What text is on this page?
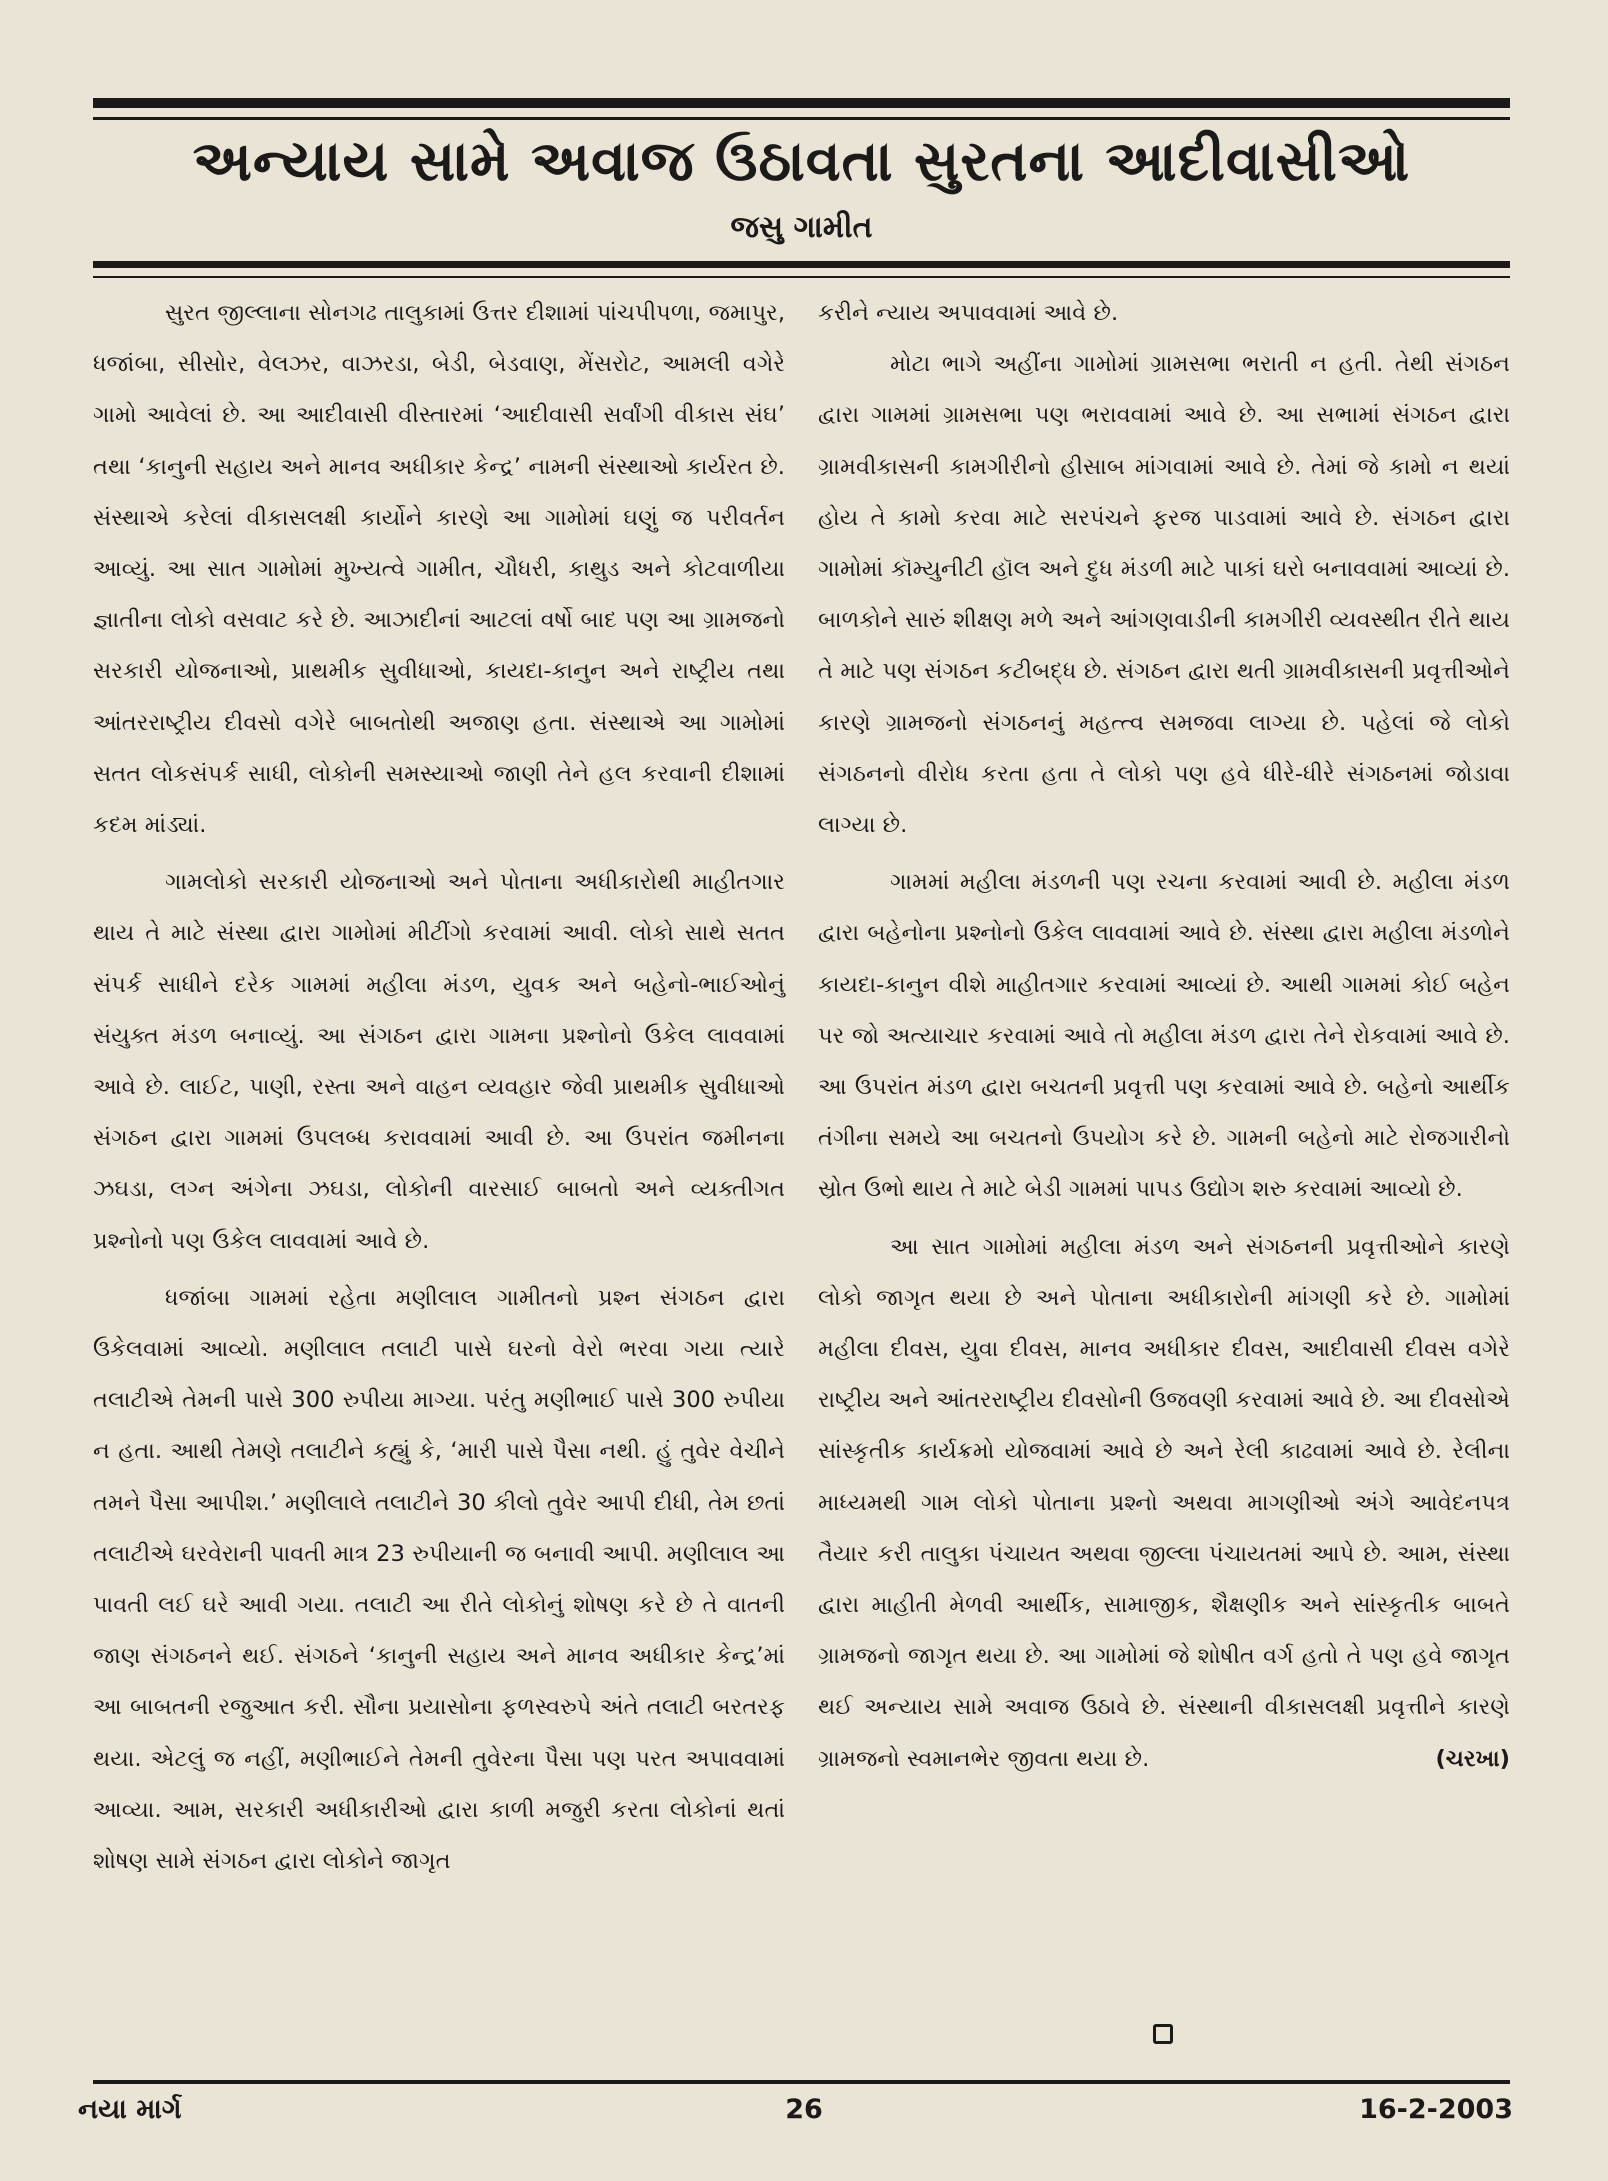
અન્યાય સામે અવાજ ઉઠાવતા સુરતના આદીવાસીઓ
જસુ ગામીત

સુરત જીલ્લાના સોનગઢ તાલુકામાં ઉત્તર દીશામાં પાંચપીપળા, જમાપુર, ધજાંબા, સીસોર, વેલઝર, વાઝરડા, બેડી, બેડવાણ, મેંસરોટ, આમલી વગેરે ગામો આવેલાં છે. આ આદીવાસી વીસ્તારમાં ‘આદીવાસી સર્વાંગી વીકાસ સંઘ’ તથા ‘કાનુની સહાય અને માનવ અધીકાર કેન્દ્ર’ નામની સંસ્થાઓ કાર્યરત છે. સંસ્થાએ કરેલાં વીકાસલક્ષી કાર્યોને કારણે આ ગામોમાં ઘણું જ પરીવર્તન આવ્યું. આ સાત ગામોમાં મુખ્યત્વે ગામીત, ચૌધરી, કાથુડ અને કોટવાળીયા જ્ઞાતીના લોકો વસવાટ કરે છે. આઝાદીનાં આટલાં વર્ષો બાદ પણ આ ગ્રામજનો સરકારી યોજનાઓ, પ્રાથમીક સુવીધાઓ, કાયદા-કાનુન અને રાષ્ટ્રીય તથા આંતરરાષ્ટ્રીય દીવસો વગેરે બાબતોથી અજાણ હતા. સંસ્થાએ આ ગામોમાં સતત લોકસંપર્ક સાધી, લોકોની સમસ્યાઓ જાણી તેને હલ કરવાની દીશામાં કદમ માંડ્યાં.

ગામલોકો સરકારી યોજનાઓ અને પોતાના અધીકારોથી માહીતગાર થાય તે માટે સંસ્થા દ્વારા ગામોમાં મીટીંગો કરવામાં આવી. લોકો સાથે સતત સંપર્ક સાધીને દરેક ગામમાં મહીલા મંડળ, યુવક અને બહેનો-ભાઈઓનું સંયુક્ત મંડળ બનાવ્યું. આ સંગઠન દ્વારા ગામના પ્રશ્નોનો ઉકેલ લાવવામાં આવે છે. લાઈટ, પાણી, રસ્તા અને વાહન વ્યવહાર જેવી પ્રાથમીક સુવીધાઓ સંગઠન દ્વારા ગામમાં ઉપલબ્ધ કરાવવામાં આવી છે. આ ઉપરાંત જમીનના ઝઘડા, લગ્ન અંગેના ઝઘડા, લોકોની વારસાઈ બાબતો અને વ્યક્તીગત પ્રશ્નોનો પણ ઉકેલ લાવવામાં આવે છે.

ધજાંબા ગામમાં રહેતા મણીલાલ ગામીતનો પ્રશ્ન સંગઠન દ્વારા ઉકેલવામાં આવ્યો. મણીલાલ તલાટી પાસે ઘરનો વેરો ભરવા ગયા ત્યારે તલાટીએ તેમની પાસે 300 રુપીયા માગ્યા. પરંતુ મણીભાઈ પાસે 300 રુપીયા ન હતા. આથી તેમણે તલાટીને કહ્યું કે, ‘મારી પાસે પૈસા નથી. હું તુવેર વેચીને તમને પૈસા આપીશ.’ મણીલાલે તલાટીને 30 કીલો તુવેર આપી દીધી, તેમ છતાં તલાટીએ ઘરવેરાની પાવતી માત્ર 23 રુપીયાની જ બનાવી આપી. મણીલાલ આ પાવતી લઈ ઘરે આવી ગયા. તલાટી આ રીતે લોકોનું શોષણ કરે છે તે વાતની જાણ સંગઠનને થઈ. સંગઠને ‘કાનુની સહાય અને માનવ અધીકાર કેન્દ્ર’માં આ બાબતની રજુઆત કરી. સૌના પ્રયાસોના ફળસ્વરુપે અંતે તલાટી બરતરફ થયા. એટલું જ નહીં, મણીભાઈને તેમની તુવેરના પૈસા પણ પરત અપાવવામાં આવ્યા. આમ, સરકારી અધીકારીઓ દ્વારા કાળી મજુરી કરતા લોકોનાં થતાં શોષણ સામે સંગઠન દ્વારા લોકોને જાગૃત

કરીને ન્યાય અપાવવામાં આવે છે.

મોટા ભાગે અહીંના ગામોમાં ગ્રામસભા ભરાતી ન હતી. તેથી સંગઠન દ્વારા ગામમાં ગ્રામસભા પણ ભરાવવામાં આવે છે. આ સભામાં સંગઠન દ્વારા ગ્રામવીકાસની કામગીરીનો હીસાબ માંગવામાં આવે છે. તેમાં જે કામો ન થયાં હોય તે કામો કરવા માટે સરપંચને ફરજ પાડવામાં આવે છે. સંગઠન દ્વારા ગામોમાં કૉમ્યુનીટી હૉલ અને દુધ મંડળી માટે પાકાં ઘરો બનાવવામાં આવ્યાં છે. બાળકોને સારું શીક્ષણ મળે અને આંગણવાડીની કામગીરી વ્યવસ્થીત રીતે થાય તે માટે પણ સંગઠન કટીબદ્ધ છે. સંગઠન દ્વારા થતી ગ્રામવીકાસની પ્રવૃત્તીઓને કારણે ગ્રામજનો સંગઠનનું મહત્ત્વ સમજવા લાગ્યા છે. પહેલાં જે લોકો સંગઠનનો વીરોધ કરતા હતા તે લોકો પણ હવે ધીરે-ધીરે સંગઠનમાં જોડાવા લાગ્યા છે.

ગામમાં મહીલા મંડળની પણ રચના કરવામાં આવી છે. મહીલા મંડળ દ્વારા બહેનોના પ્રશ્નોનો ઉકેલ લાવવામાં આવે છે. સંસ્થા દ્વારા મહીલા મંડળોને કાયદા-કાનુન વીશે માહીતગાર કરવામાં આવ્યાં છે. આથી ગામમાં કોઈ બહેન પર જો અત્યાચાર કરવામાં આવે તો મહીલા મંડળ દ્વારા તેને રોકવામાં આવે છે. આ ઉપરાંત મંડળ દ્વારા બચતની પ્રવૃત્તી પણ કરવામાં આવે છે. બહેનો આર્થીક તંગીના સમયે આ બચતનો ઉપયોગ કરે છે. ગામની બહેનો માટે રોજગારીનો સ્રોત ઉભો થાય તે માટે બેડી ગામમાં પાપડ ઉદ્યોગ શરુ કરવામાં આવ્યો છે.

આ સાત ગામોમાં મહીલા મંડળ અને સંગઠનની પ્રવૃત્તીઓને કારણે લોકો જાગૃત થયા છે અને પોતાના અધીકારોની માંગણી કરે છે. ગામોમાં મહીલા દીવસ, યુવા દીવસ, માનવ અધીકાર દીવસ, આદીવાસી દીવસ વગેરે રાષ્ટ્રીય અને આંતરરાષ્ટ્રીય દીવસોની ઉજવણી કરવામાં આવે છે. આ દીવસોએ સાંસ્કૃતીક કાર્યક્રમો યોજવામાં આવે છે અને રેલી કાઢવામાં આવે છે. રેલીના માધ્યમથી ગામ લોકો પોતાના પ્રશ્નો અથવા માગણીઓ અંગે આવેદનપત્ર તૈયાર કરી તાલુકા પંચાયત અથવા જીલ્લા પંચાયતમાં આપે છે. આમ, સંસ્થા દ્વારા માહીતી મેળવી આર્થીક, સામાજીક, શૈક્ષણીક અને સાંસ્કૃતીક બાબતે ગ્રામજનો જાગૃત થયા છે. આ ગામોમાં જે શોષીત વર્ગ હતો તે પણ હવે જાગૃત થઈ અન્યાય સામે અવાજ ઉઠાવે છે. સંસ્થાની વીકાસલક્ષી પ્રવૃત્તીને કારણે ગ્રામજનો સ્વમાનભેર જીવતા થયા છે.	(ચરખા)

નયા માર્ગ	26	16-2-2003
